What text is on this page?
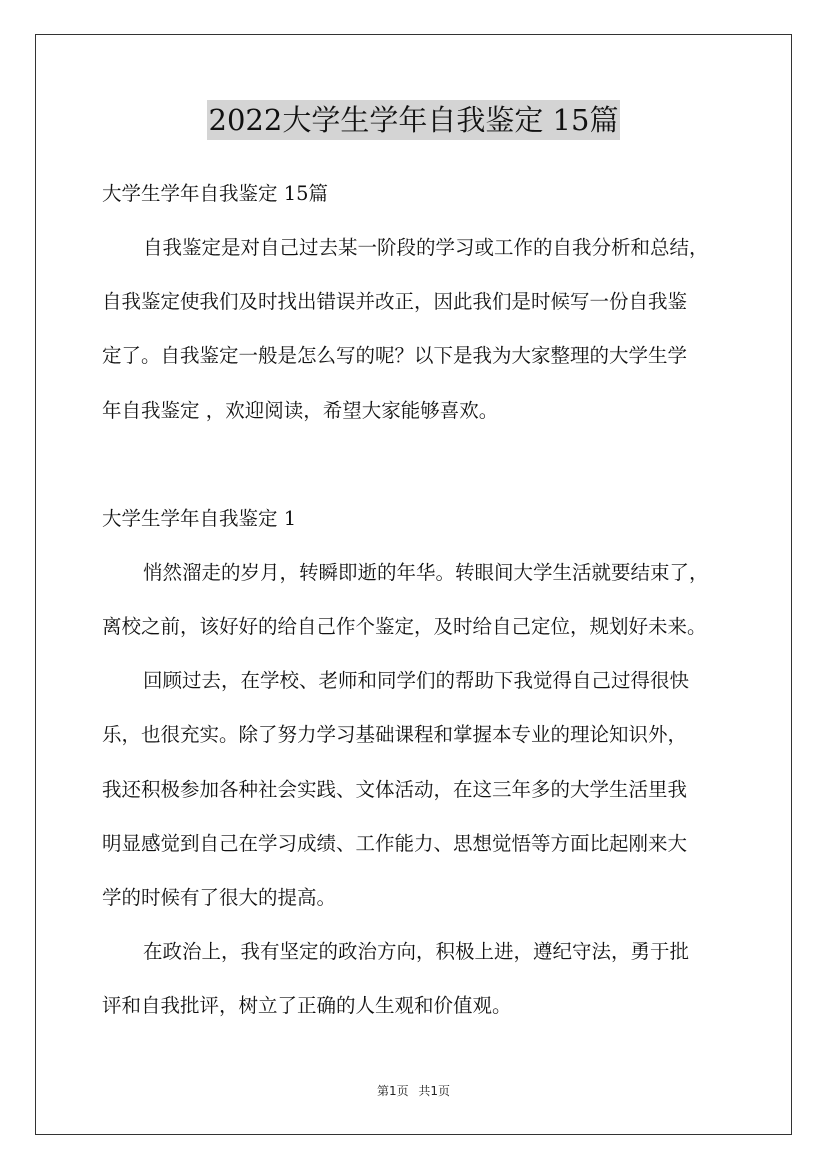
2022大学生学年自我鉴定 15篇
大学生学年自我鉴定 15篇
自我鉴定是对自己过去某一阶段的学习或工作的自我分析和总结，
自我鉴定使我们及时找出错误并改正，因此我们是时候写一份自我鉴
定了。自我鉴定一般是怎么写的呢？以下是我为大家整理的大学生学
年自我鉴定 ，欢迎阅读，希望大家能够喜欢。
大学生学年自我鉴定 1
悄然溜走的岁月，转瞬即逝的年华。转眼间大学生活就要结束了，
离校之前，该好好的给自己作个鉴定，及时给自己定位，规划好未来。
回顾过去，在学校、老师和同学们的帮助下我觉得自己过得很快
乐，也很充实。除了努力学习基础课程和掌握本专业的理论知识外，
我还积极参加各种社会实践、文体活动，在这三年多的大学生活里我
明显感觉到自己在学习成绩、工作能力、思想觉悟等方面比起刚来大
学的时候有了很大的提高。
在政治上，我有坚定的政治方向，积极上进，遵纪守法，勇于批
评和自我批评，树立了正确的人生观和价值观。
第1页 共1页
